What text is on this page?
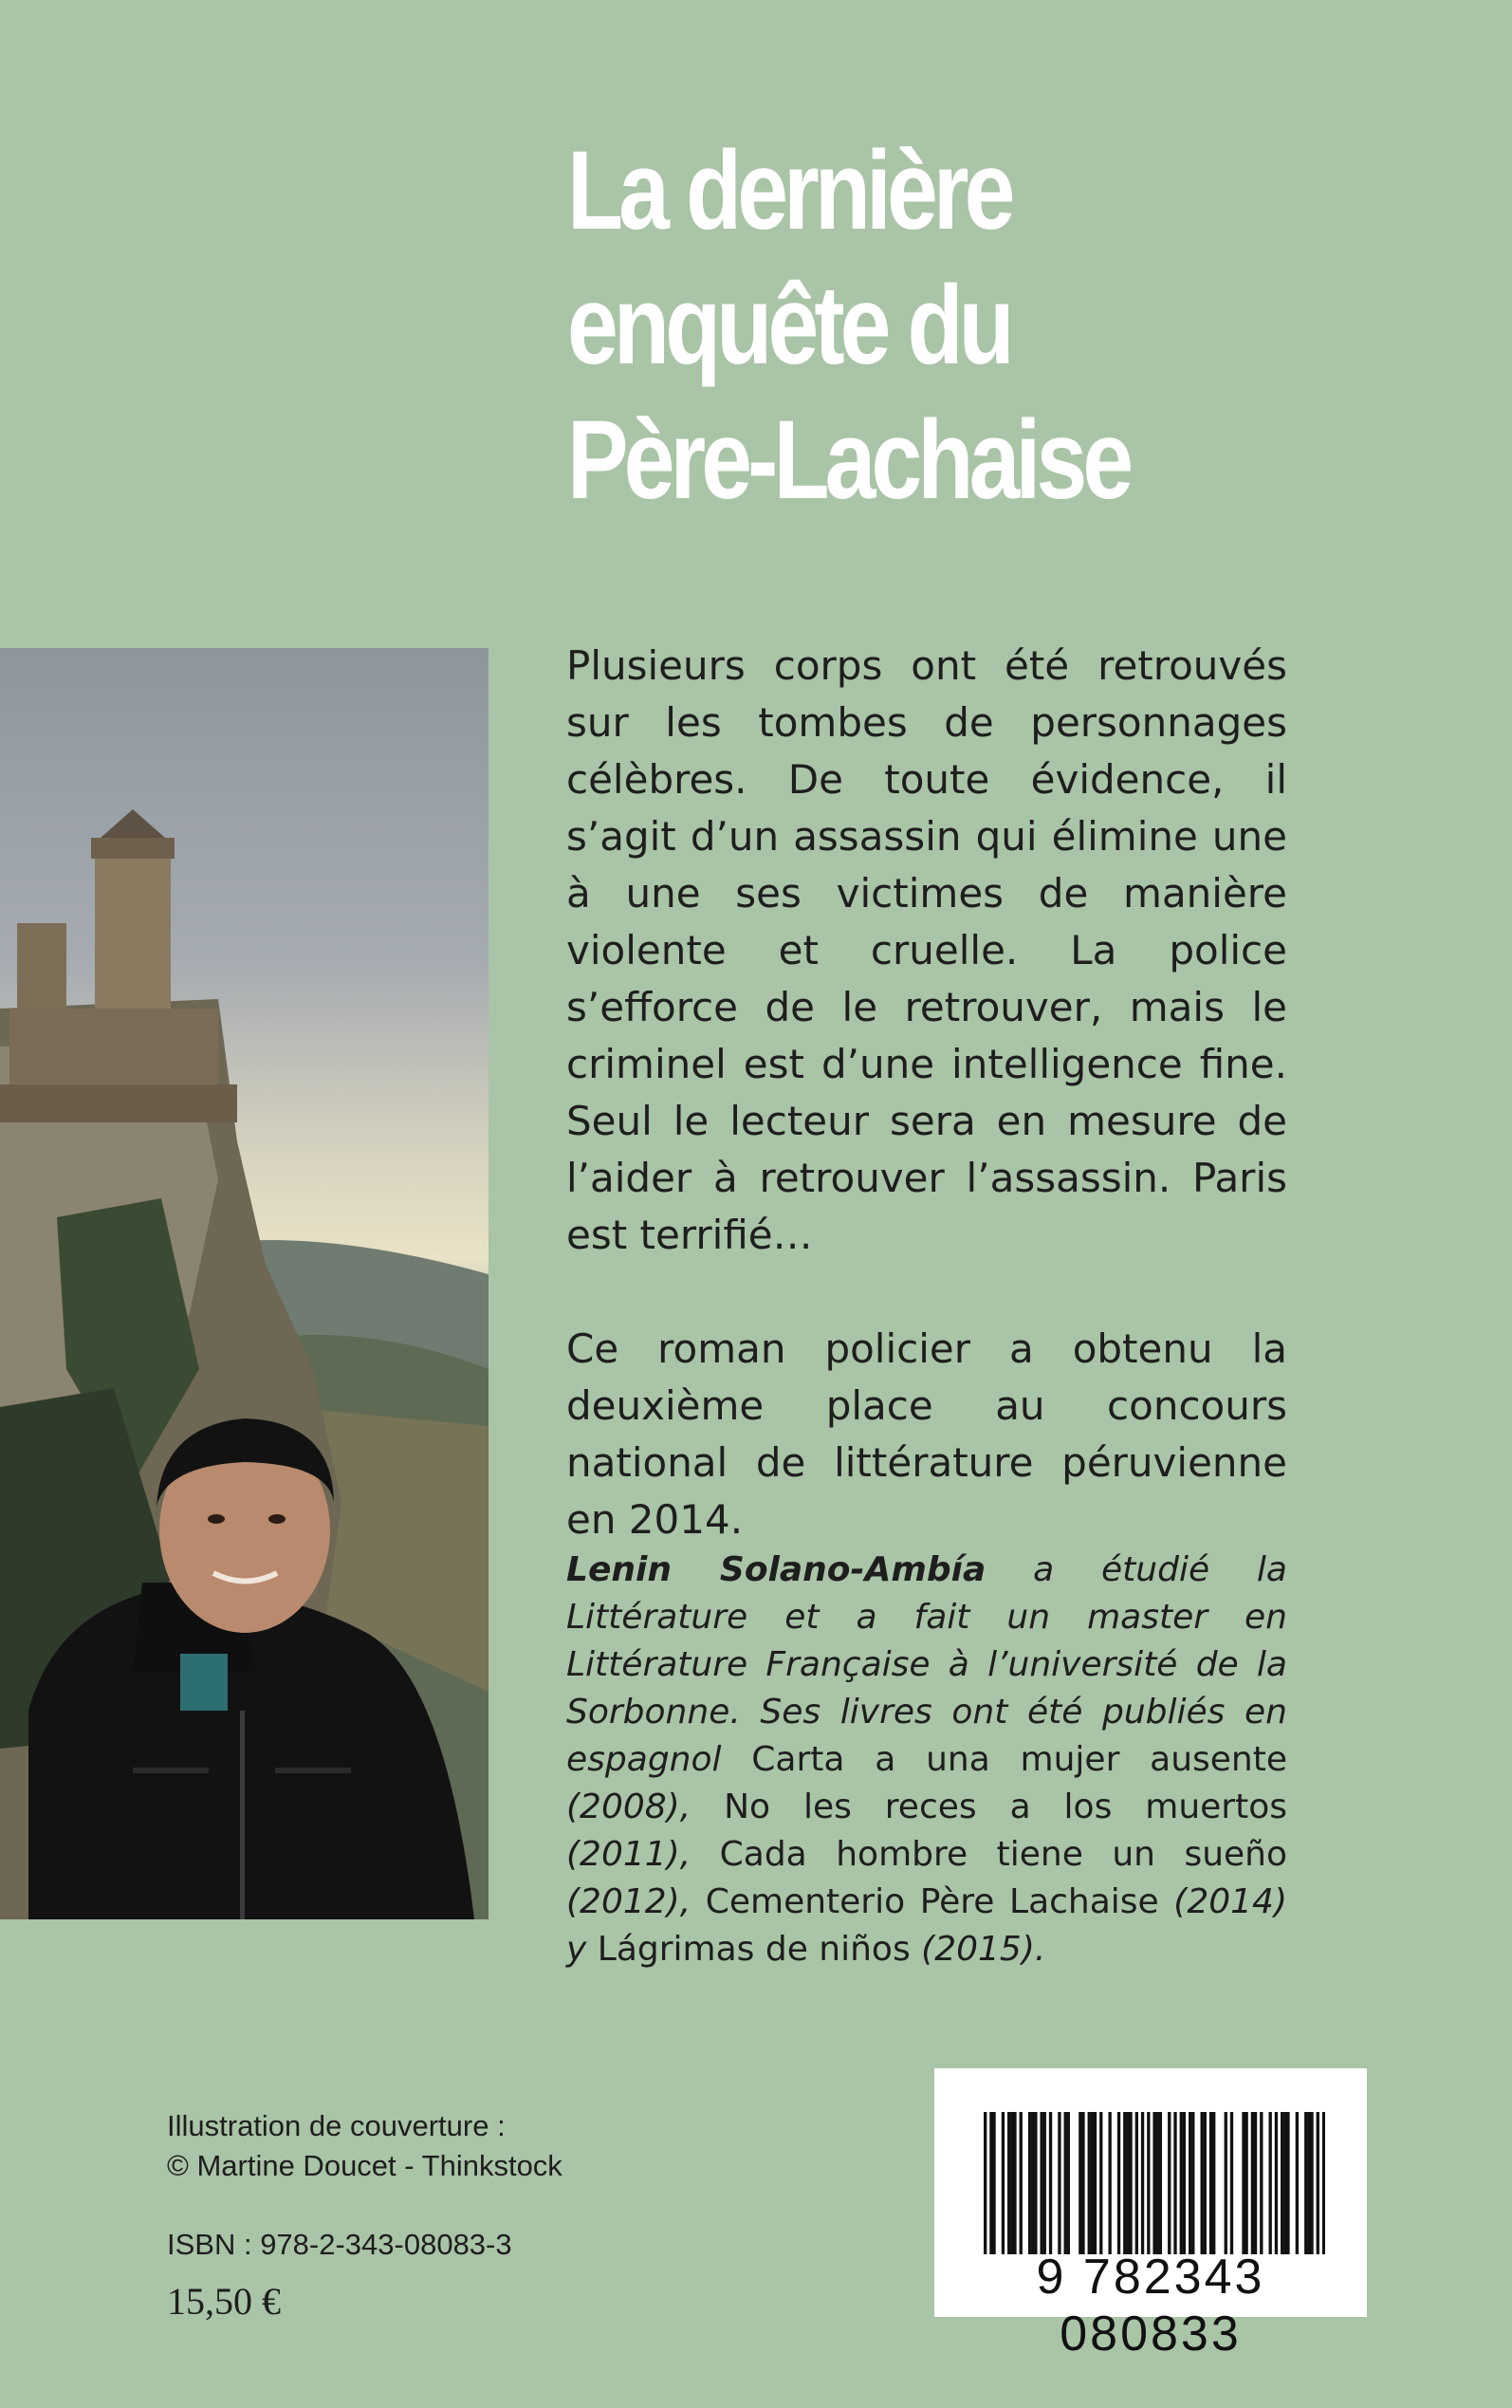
La dernière
enquête du
Père-Lachaise

Plusieurs corps ont été retrouvés sur les tombes de personnages célèbres. De toute évidence, il s’agit d’un assassin qui élimine une à une ses victimes de manière violente et cruelle. La police s’efforce de le retrouver, mais le criminel est d’une intelligence fine. Seul le lecteur sera en mesure de l’aider à retrouver l’assassin. Paris est terrifié…

Ce roman policier a obtenu la deuxième place au concours national de littérature péruvienne en 2014.

Lenin Solano-Ambía a étudié la Littérature et a fait un master en Littérature Française à l’université de la Sorbonne. Ses livres ont été publiés en espagnol Carta a una mujer ausente (2008), No les reces a los muertos (2011), Cada hombre tiene un sueño (2012), Cementerio Père Lachaise (2014) y Lágrimas de niños (2015).
Illustration de couverture :
© Martine Doucet - Thinkstock
ISBN : 978-2-343-08083-3
15,50 €	9 782343 080833
